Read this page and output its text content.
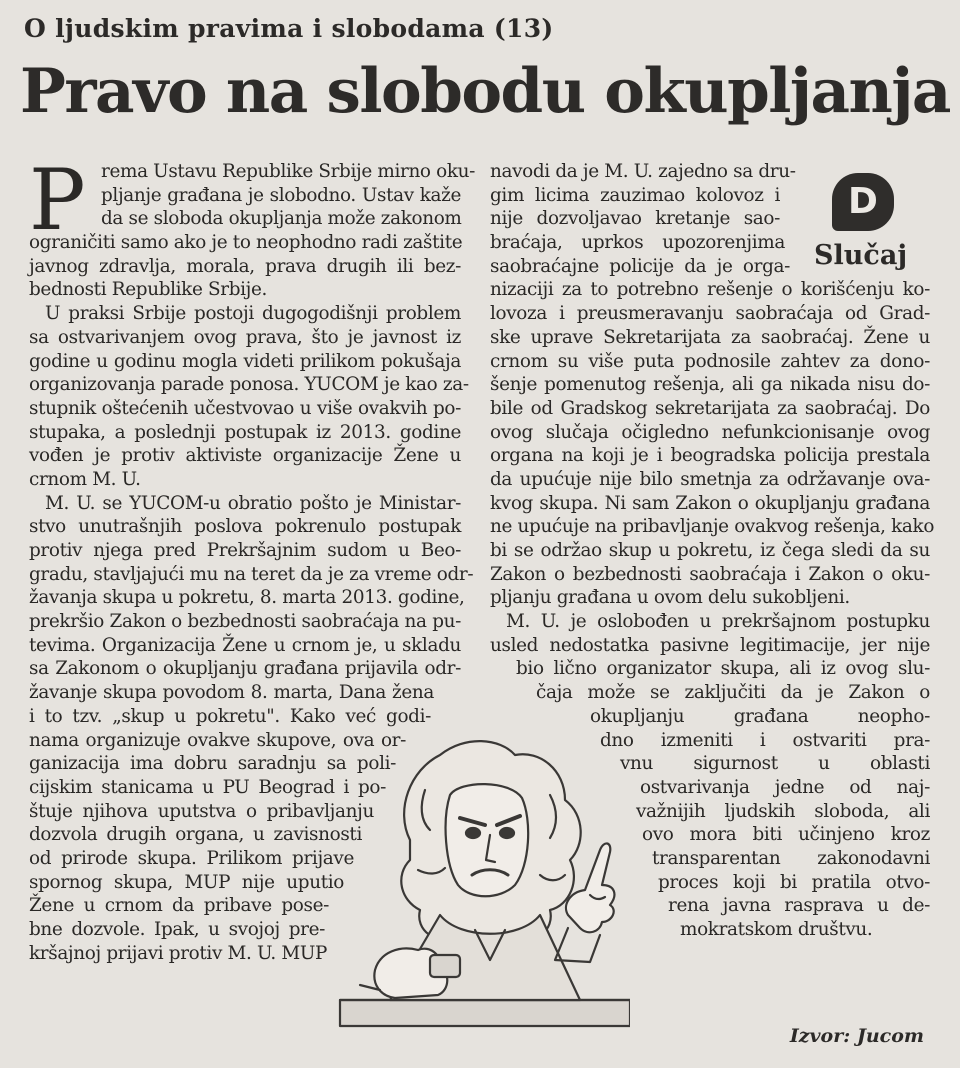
O ljudskim pravima i slobodama (13)
Pravo na slobodu okupljanja
P	D
Slučaj
rema Ustavu Republike Srbije mirno oku-
pljanje građana je slobodno. Ustav kaže
da se sloboda okupljanja može zakonom
ograničiti samo ako je to neophodno radi zaštite
javnog zdravlja, morala, prava drugih ili bez-
bednosti Republike Srbije.
U praksi Srbije postoji dugogodišnji problem
sa ostvarivanjem ovog prava, što je javnost iz
godine u godinu mogla videti prilikom pokušaja
organizovanja parade ponosa. YUCOM je kao za-
stupnik oštećenih učestvovao u više ovakvih po-
stupaka, a poslednji postupak iz 2013. godine
vođen je protiv aktiviste organizacije Žene u
crnom M. U.
M. U. se YUCOM-u obratio pošto je Ministar-
stvo unutrašnjih poslova pokrenulo postupak
protiv njega pred Prekršajnim sudom u Beo-
gradu, stavljajući mu na teret da je za vreme odr-
žavanja skupa u pokretu, 8. marta 2013. godine,
prekršio Zakon o bezbednosti saobraćaja na pu-
tevima. Organizacija Žene u crnom je, u skladu
sa Zakonom o okupljanju građana prijavila odr-
žavanje skupa povodom 8. marta, Dana žena
i to tzv. „skup u pokretu". Kako već godi-
nama organizuje ovakve skupove, ova or-
ganizacija ima dobru saradnju sa poli-
cijskim stanicama u PU Beograd i po-
štuje njihova uputstva o pribavljanju
dozvola drugih organa, u zavisnosti
od prirode skupa. Prilikom prijave
spornog skupa, MUP nije uputio
Žene u crnom da pribave pose-
bne dozvole. Ipak, u svojoj pre-
kršajnoj prijavi protiv M. U. MUP
navodi da je M. U. zajedno sa dru-
gim licima zauzimao kolovoz i
nije dozvoljavao kretanje sao-
braćaja, uprkos upozorenjima
saobraćajne policije da je orga-
nizaciji za to potrebno rešenje o korišćenju ko-
lovoza i preusmeravanju saobraćaja od Grad-
ske uprave Sekretarijata za saobraćaj. Žene u
crnom su više puta podnosile zahtev za dono-
šenje pomenutog rešenja, ali ga nikada nisu do-
bile od Gradskog sekretarijata za saobraćaj. Do
ovog slučaja očigledno nefunkcionisanje ovog
organa na koji je i beogradska policija prestala
da upućuje nije bilo smetnja za održavanje ova-
kvog skupa. Ni sam Zakon o okupljanju građana
ne upućuje na pribavljanje ovakvog rešenja, kako
bi se održao skup u pokretu, iz čega sledi da su
Zakon o bezbednosti saobraćaja i Zakon o oku-
pljanju građana u ovom delu sukobljeni.
M. U. je oslobođen u prekršajnom postupku
usled nedostatka pasivne legitimacije, jer nije
bio lično organizator skupa, ali iz ovog slu-
čaja može se zaključiti da je Zakon o
okupljanju građana neopho-
dno izmeniti i ostvariti pra-
vnu sigurnost u oblasti
ostvarivanja jedne od naj-
važnijih ljudskih sloboda, ali
ovo mora biti učinjeno kroz
transparentan zakonodavni
proces koji bi pratila otvo-
rena javna rasprava u de-
mokratskom društvu.
Izvor: Jucom
